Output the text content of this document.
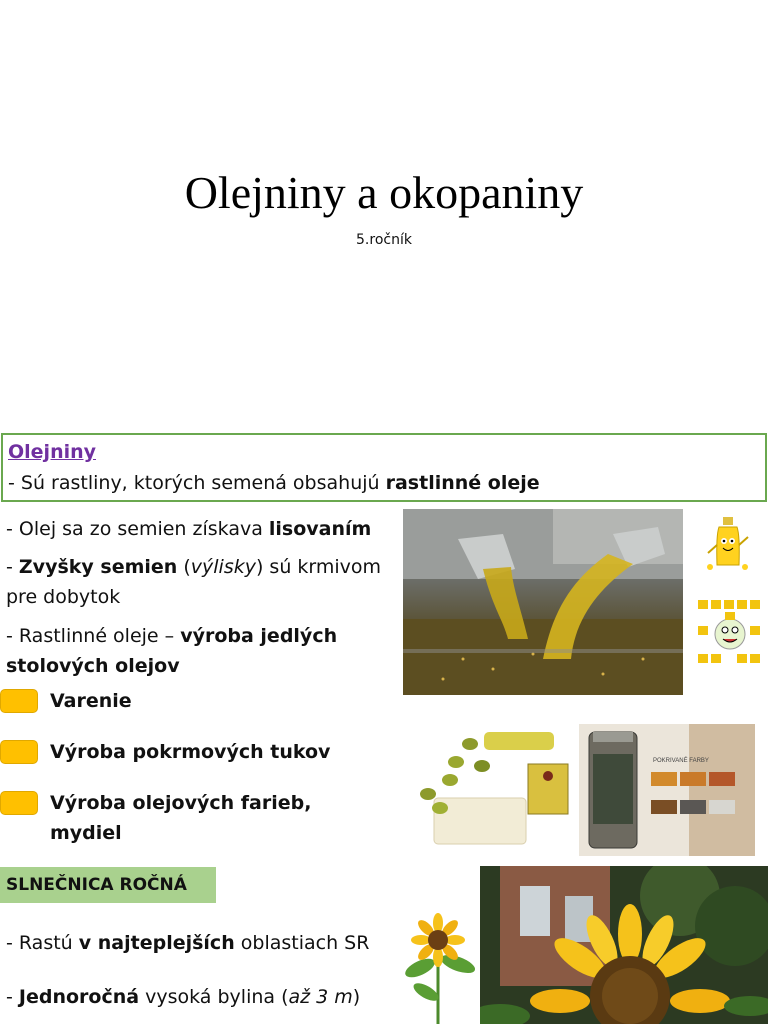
Olejniny a okopaniny
5.ročník
Olejniny
- Sú rastliny, ktorých semená obsahujú rastlinné oleje
- Olej sa zo semien získava lisovaním
- Zvyšky semien (výlisky) sú krmivom
pre dobytok
- Rastlinné oleje – výroba jedlých
stolových olejov
Varenie
Výroba pokrmových tukov
Výroba olejových farieb,
mydiel
SLNEČNICA ROČNÁ
- Rastú v najteplejších oblastiach SR
- Jednoročná vysoká bylina (až 3 m)
POKRIVANÉ FARBY
